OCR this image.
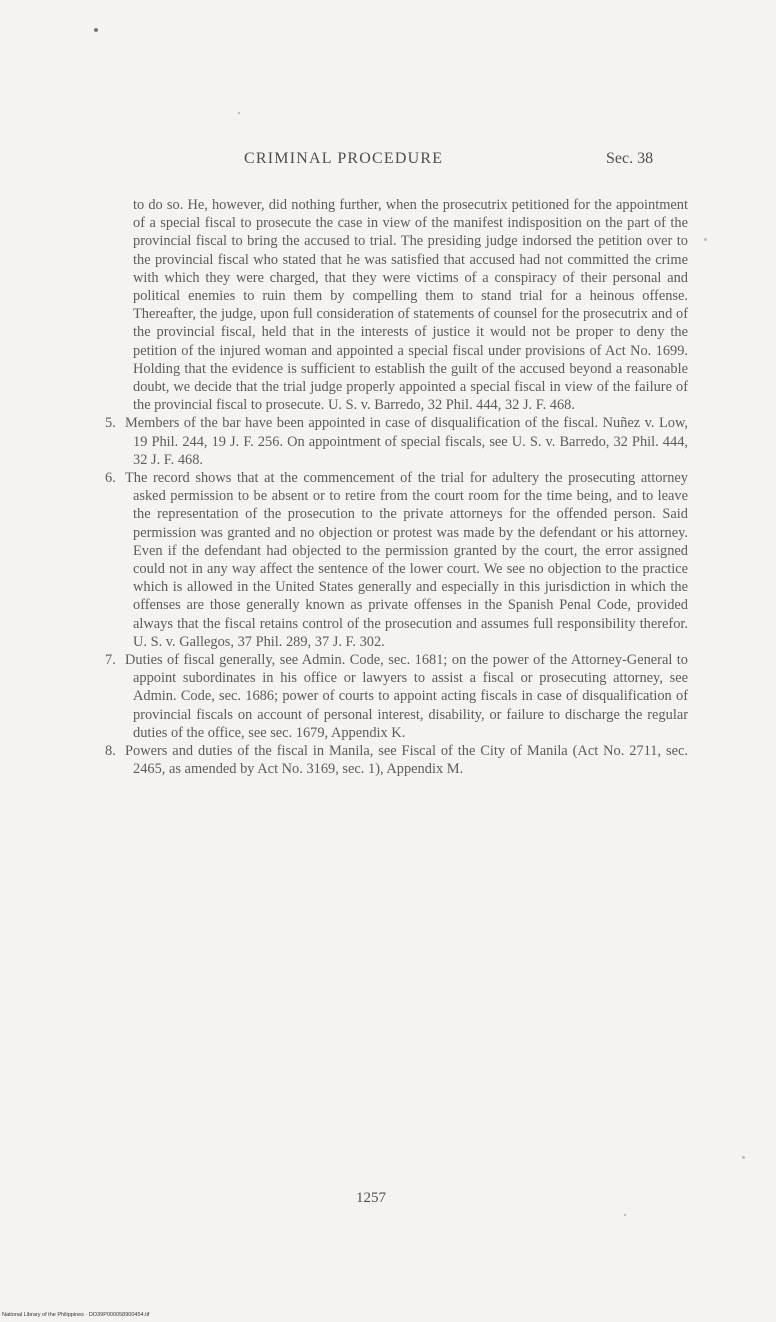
CRIMINAL PROCEDURE	Sec. 38

to do so. He, however, did nothing further, when the prosecutrix petitioned for the appointment of a special fiscal to prosecute the case in view of the manifest indisposition on the part of the provincial fiscal to bring the accused to trial. The presiding judge indorsed the petition over to the provincial fiscal who stated that he was satisfied that accused had not committed the crime with which they were charged, that they were victims of a conspiracy of their personal and political enemies to ruin them by compelling them to stand trial for a heinous offense. Thereafter, the judge, upon full consideration of statements of counsel for the prosecutrix and of the provincial fiscal, held that in the interests of justice it would not be proper to deny the petition of the injured woman and appointed a special fiscal under provisions of Act No. 1699. Holding that the evidence is sufficient to establish the guilt of the accused beyond a reasonable doubt, we decide that the trial judge properly appointed a special fiscal in view of the failure of the provincial fiscal to prosecute. U. S. v. Barredo, 32 Phil. 444, 32 J. F. 468.

5. Members of the bar have been appointed in case of disqualification of the fiscal. Nuñez v. Low, 19 Phil. 244, 19 J. F. 256. On appointment of special fiscals, see U. S. v. Barredo, 32 Phil. 444, 32 J. F. 468.

6. The record shows that at the commencement of the trial for adultery the prosecuting attorney asked permission to be absent or to retire from the court room for the time being, and to leave the representation of the prosecution to the private attorneys for the offended person. Said permission was granted and no objection or protest was made by the defendant or his attorney. Even if the defendant had objected to the permission granted by the court, the error assigned could not in any way affect the sentence of the lower court. We see no objection to the practice which is allowed in the United States generally and especially in this jurisdiction in which the offenses are those generally known as private offenses in the Spanish Penal Code, provided always that the fiscal retains control of the prosecution and assumes full responsibility therefor. U. S. v. Gallegos, 37 Phil. 289, 37 J. F. 302.

7. Duties of fiscal generally, see Admin. Code, sec. 1681; on the power of the Attorney-General to appoint subordinates in his office or lawyers to assist a fiscal or prosecuting attorney, see Admin. Code, sec. 1686; power of courts to appoint acting fiscals in case of disqualification of provincial fiscals on account of personal interest, disability, or failure to discharge the regular duties of the office, see sec. 1679, Appendix K.

8. Powers and duties of the fiscal in Manila, see Fiscal of the City of Manila (Act No. 2711, sec. 2465, as amended by Act No. 3169, sec. 1), Appendix M.

1257
National Library of the Philippines · DO39P000058900454.tif
